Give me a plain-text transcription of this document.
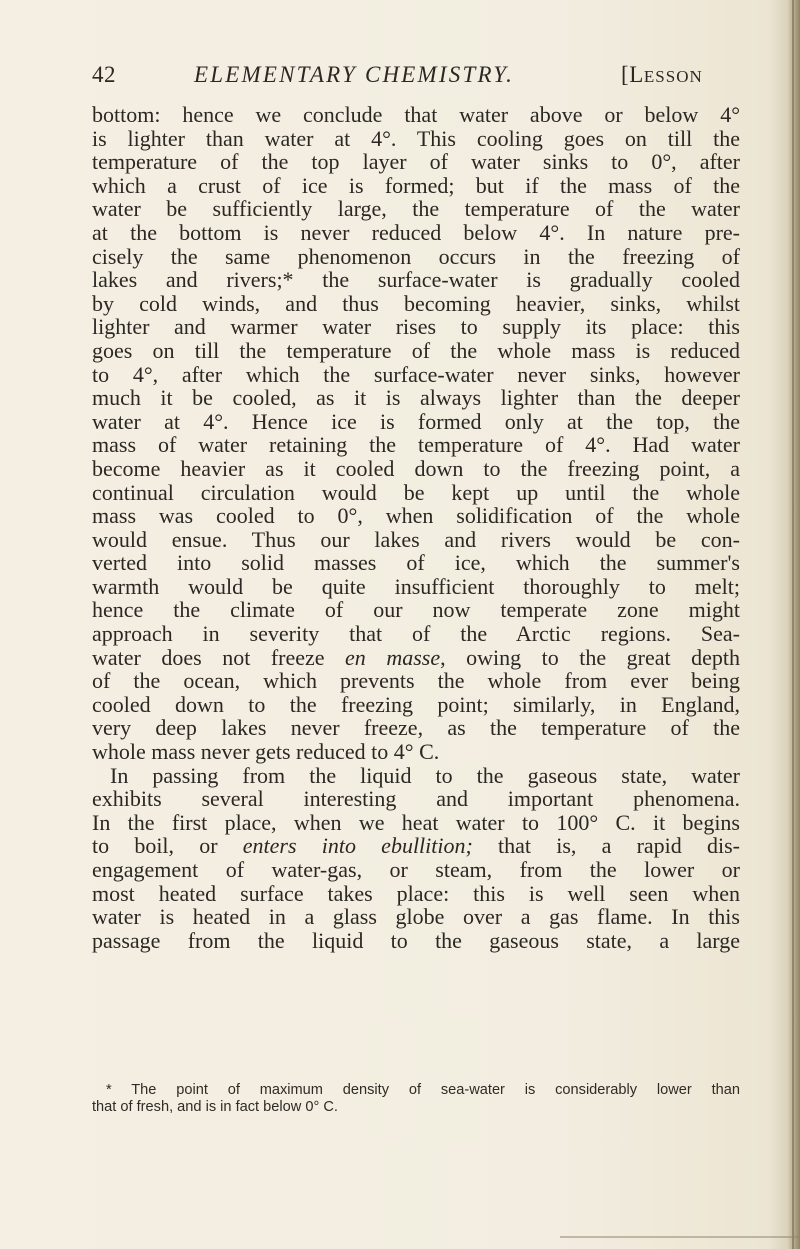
42	ELEMENTARY CHEMISTRY.	[LESSON
bottom: hence we conclude that water above or below 4°
is lighter than water at 4°. This cooling goes on till the
temperature of the top layer of water sinks to 0°, after
which a crust of ice is formed; but if the mass of the
water be sufficiently large, the temperature of the water
at the bottom is never reduced below 4°. In nature pre-
cisely the same phenomenon occurs in the freezing of
lakes and rivers;* the surface-water is gradually cooled
by cold winds, and thus becoming heavier, sinks, whilst
lighter and warmer water rises to supply its place: this
goes on till the temperature of the whole mass is reduced
to 4°, after which the surface-water never sinks, however
much it be cooled, as it is always lighter than the deeper
water at 4°. Hence ice is formed only at the top, the
mass of water retaining the temperature of 4°. Had water
become heavier as it cooled down to the freezing point, a
continual circulation would be kept up until the whole
mass was cooled to 0°, when solidification of the whole
would ensue. Thus our lakes and rivers would be con-
verted into solid masses of ice, which the summer's
warmth would be quite insufficient thoroughly to melt;
hence the climate of our now temperate zone might
approach in severity that of the Arctic regions. Sea-
water does not freeze en masse, owing to the great depth
of the ocean, which prevents the whole from ever being
cooled down to the freezing point; similarly, in England,
very deep lakes never freeze, as the temperature of the
whole mass never gets reduced to 4° C.
In passing from the liquid to the gaseous state, water
exhibits several interesting and important phenomena.
In the first place, when we heat water to 100° C. it begins
to boil, or enters into ebullition; that is, a rapid dis-
engagement of water-gas, or steam, from the lower or
most heated surface takes place: this is well seen when
water is heated in a glass globe over a gas flame. In this
passage from the liquid to the gaseous state, a large
* The point of maximum density of sea-water is considerably lower than
that of fresh, and is in fact below 0° C.
